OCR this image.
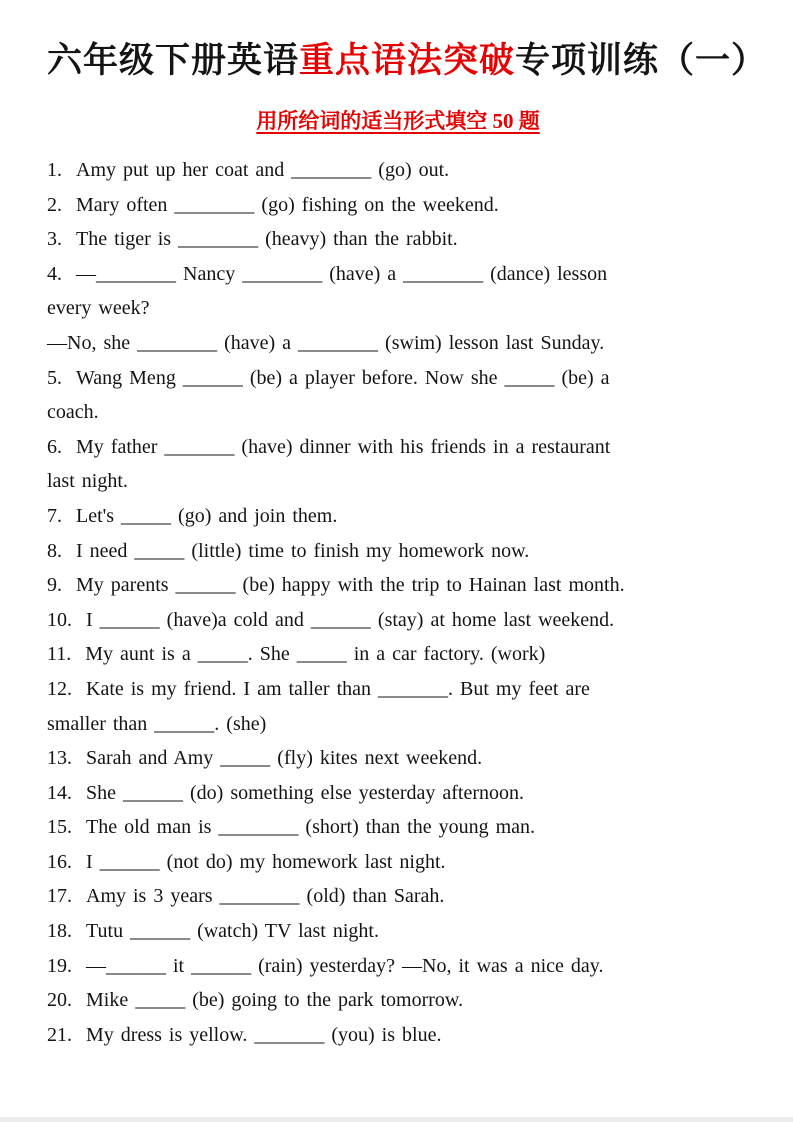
六年级下册英语重点语法突破专项训练（一）
用所给词的适当形式填空 50 题
1. Amy put up her coat and ________ (go) out.
2. Mary often ________ (go) fishing on the weekend.
3. The tiger is ________ (heavy) than the rabbit.
4. —________ Nancy ________ (have) a ________ (dance) lesson
every week?
—No, she ________ (have) a ________ (swim) lesson last Sunday.
5. Wang Meng ______ (be) a player before. Now she _____ (be) a
coach.
6. My father _______ (have) dinner with his friends in a restaurant
last night.
7. Let's _____ (go) and join them.
8. I need _____ (little) time to finish my homework now.
9. My parents ______ (be) happy with the trip to Hainan last month.
10. I ______ (have)a cold and ______ (stay) at home last weekend.
11. My aunt is a _____. She _____ in a car factory. (work)
12. Kate is my friend. I am taller than _______. But my feet are
smaller than ______. (she)
13. Sarah and Amy _____ (fly) kites next weekend.
14. She ______ (do) something else yesterday afternoon.
15. The old man is ________ (short) than the young man.
16. I ______ (not do) my homework last night.
17. Amy is 3 years ________ (old) than Sarah.
18. Tutu ______ (watch) TV last night.
19. —______ it ______ (rain) yesterday? —No, it was a nice day.
20. Mike _____ (be) going to the park tomorrow.
21. My dress is yellow. _______ (you) is blue.
